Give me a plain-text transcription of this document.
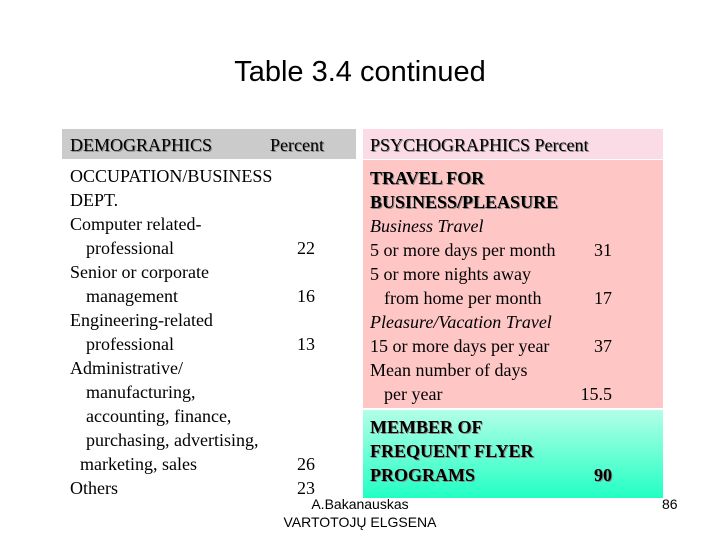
Table 3.4 continued
DEMOGRAPHICS	Percent
OCCUPATION/BUSINESS
DEPT.
Computer related-
professional	22
Senior or corporate
management	16
Engineering-related
professional	13
Administrative/
manufacturing,
accounting, finance,
purchasing, advertising,
marketing, sales	26
Others	23
PSYCHOGRAPHICS Percent
TRAVEL FOR
BUSINESS/PLEASURE
Business Travel
5 or more days per month	31
5 or more nights away
from home per month	17
Pleasure/Vacation Travel
15 or more days per year	37
Mean number of days
per year	15.5
MEMBER OF
FREQUENT FLYER
PROGRAMS	90
A.Bakanauskas
VARTOTOJŲ ELGSENA
86
